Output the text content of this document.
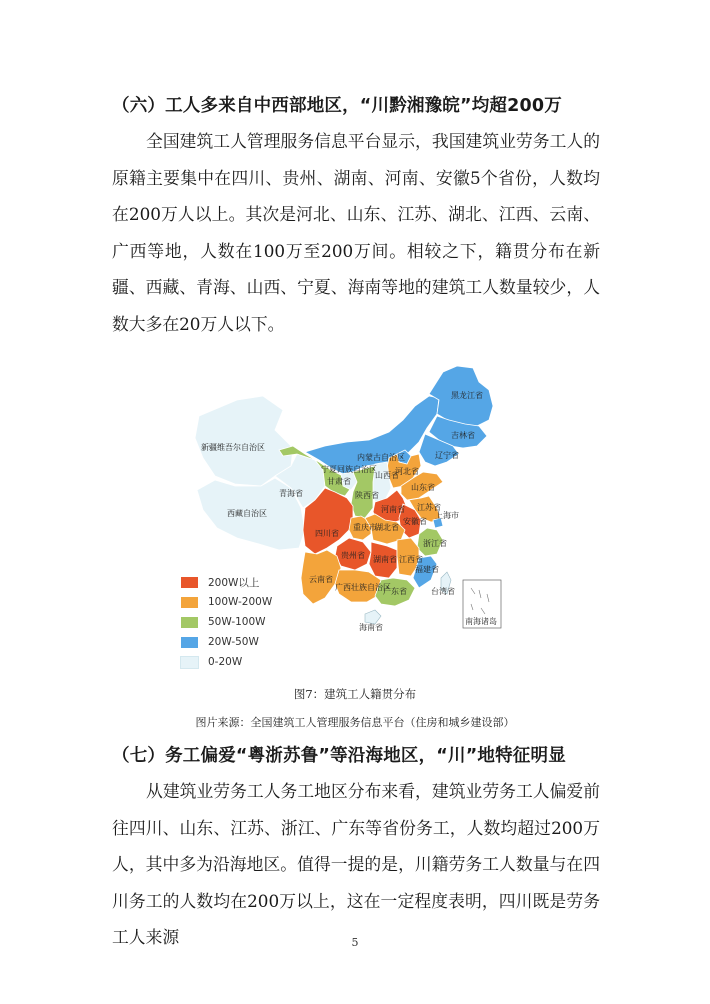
（六）工人多来自中西部地区，“川黔湘豫皖”均超200万

全国建筑工人管理服务信息平台显示，我国建筑业劳务工人的原籍主要集中在四川、贵州、湖南、河南、安徽5个省份，人数均在200万人以上。其次是河北、山东、江苏、湖北、江西、云南、广西等地，人数在100万至200万间。相较之下，籍贯分布在新疆、西藏、青海、山西、宁夏、海南等地的建筑工人数量较少，人数大多在20万人以下。

黑龙江省
吉林省
辽宁省
内蒙古自治区
河北省
新疆维吾尔自治区
青海省
西藏自治区
甘肃省
宁夏回族自治区
山西省
陕西省
山东省
河南省 江苏省
安徽省
上海市
四川省
湖北省
浙江省
重庆市
贵州省 湖南省 江西省
福建省
云南省
广西壮族自治区
广东省	台湾省
海南省
南海诸岛
200W以上
100W-200W
50W-100W
20W-50W
0-20W
图7：建筑工人籍贯分布
图片来源：全国建筑工人管理服务信息平台（住房和城乡建设部）
（七）务工偏爱“粤浙苏鲁”等沿海地区，“川”地特征明显

从建筑业劳务工人务工地区分布来看，建筑业劳务工人偏爱前往四川、山东、江苏、浙江、广东等省份务工，人数均超过200万人，其中多为沿海地区。值得一提的是，川籍劳务工人数量与在四川务工的人数均在200万以上，这在一定程度表明，四川既是劳务工人来源	5
